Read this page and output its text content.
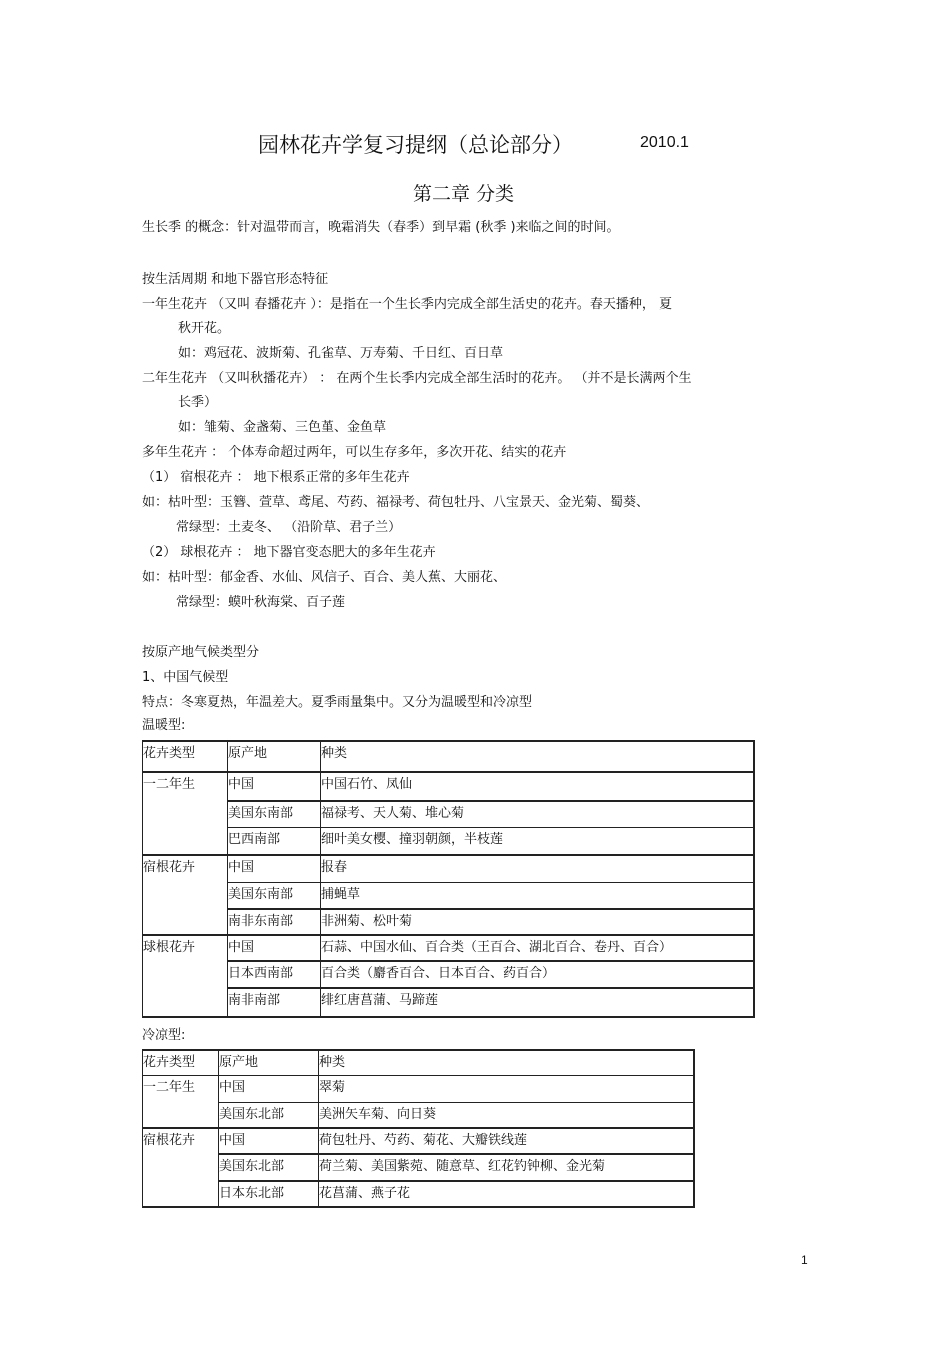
园林花卉学复习提纲（总论部分）	2010.1
第二章 分类
生长季 的概念：针对温带而言，晚霜消失（春季）到早霜 (秋季 )来临之间的时间。
按生活周期 和地下器官形态特征
一年生花卉 （又叫 春播花卉 ）：是指在一个生长季内完成全部生活史的花卉。春天播种， 夏
秋开花。
如：鸡冠花、波斯菊、孔雀草、万寿菊、千日红、百日草
二年生花卉 （又叫秋播花卉） ： 在两个生长季内完成全部生活时的花卉。 （并不是长满两个生
长季）
如：雏菊、金盏菊、三色堇、金鱼草
多年生花卉 ： 个体寿命超过两年，可以生存多年，多次开花、结实的花卉
（1） 宿根花卉 ： 地下根系正常的多年生花卉
如：枯叶型：玉簪、萱草、鸢尾、芍药、福禄考、荷包牡丹、八宝景天、金光菊、蜀葵、
常绿型：土麦冬、 （沿阶草、君子兰）
（2） 球根花卉 ： 地下器官变态肥大的多年生花卉
如：枯叶型：郁金香、水仙、风信子、百合、美人蕉、大丽花、
常绿型：蟆叶秋海棠、百子莲
按原产地气候类型分
1、中国气候型
特点：冬寒夏热，年温差大。夏季雨量集中。又分为温暖型和冷凉型
温暖型:
花卉类型	原产地	种类
一二年生	中国	中国石竹、凤仙
	美国东南部	福禄考、天人菊、堆心菊
	巴西南部	细叶美女樱、撞羽朝颜，半枝莲
宿根花卉	中国	报春
	美国东南部	捕蝇草
	南非东南部	非洲菊、松叶菊
球根花卉	中国	石蒜、中国水仙、百合类（王百合、湖北百合、卷丹、百合）
	日本西南部	百合类（麝香百合、日本百合、药百合）
	南非南部	绯红唐菖蒲、马蹄莲
冷凉型:
花卉类型	原产地	种类
一二年生	中国	翠菊
	美国东北部	美洲矢车菊、向日葵
宿根花卉	中国	荷包牡丹、芍药、菊花、大瓣铁线莲
	美国东北部	荷兰菊、美国紫菀、随意草、红花钓钟柳、金光菊
	日本东北部	花菖蒲、燕子花
1
